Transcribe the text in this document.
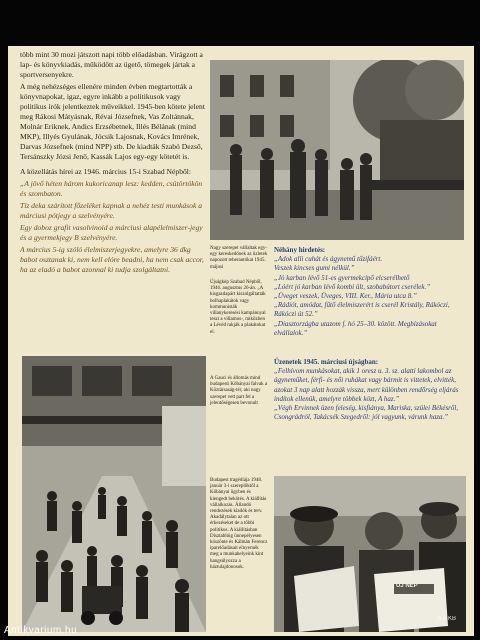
több mint 30 mozi játszott napi több előadásban. Virágzott a lap- és könyvkiadás, működött az ügető, tömegek jártak a sportversenyekre.

A még nehézséges ellenére minden évben megtartották a könyvnapokat, igaz, egyre inkább a politikusok vagy politikus írók jelentkeztek műveikkel. 1945-ben kötete jelent meg Rákosi Mátyásnak, Révai Józsefnek, Vas Zoltánnak, Molnár Eriknek, Andics Erzsébetnek, Illés Bélának (mind MKP), Illyés Gyulának, Jócsik Lajosnak, Kovács Imrének, Darvas Józsefnek (mind NPP) stb. De kiadták Szabó Dezső, Tersánszky Józsi Jenő, Kassák Lajos egy-egy kötetét is.

A közellátás hírei az 1946. március 15-i Szabad Népből:

„A jövő héten három kukoricanap lesz: kedden, csütörtökön és szombaton.

Tíz deka szárított főzeléket kapnak a nehéz testi munkások a márciusi pótjegy a szelvényére.

Egy doboz grafit vasolvinoid a márciusi alapélelmiszer-jegy és a gyermekjegy B szelvényére.

A március 5-ig szóló élelmiszerjegyekre, amelyre 36 dkg babot osztanak ki, nem kell elóre beadni, ha nem csak accor, ha az eladó a babot azonnal ki tudja szolgáltatni.

Nagy szerepet vállaltak egy-egy kereskedőnek az üzletek napozott teherautókat 1945. májusi
Újságkép Szabad Népből, 1946. augusztus 26-án. „A kisgazdapárt kiszolgáltatták bolhaplakátok vagy kommunisták villanykeresési kampánnyal teszi a villamos-, miközben a Lévéd rakják a plakátokat el.
A Gauci és állomás mind budapesti Kőbányai falvak a Köztársaság-tér, aki nagy szerepet vett part fel a jelentőségesen bevonult
Budapest tragédiája 1948. január 3-i szereplőktől a Kőbányai ügyben és kiengedt bekötés. A kiállítás vállalkozás. Állandó rendezések kiadók és terv. Akadálytalan az ott érkezéseket de a többi politikus. A kiállításban Dísztablóig ünnepélyesen köszönte és Kálmán Ferencz iparelőadásait elnyernék meg a munkahelyeink kint hangsúlyozza a háztulajdonosok.
Néhány hirdetés:
„Adok alli cuhát és ágynemű tűzifáért.
Veszek kincses gumi nélkül.”
„Jó karban lévő 51-es gyermekcipő elcserélhető
„Lóért jó karban lévő kombi ült, szobabútort cserélek.”
„Üveget veszek, Üveges, VIII. Ker., Mária utca 8.”
„Rádiót, amódat, fűtő élelmiszerért is cserél Kristály, Rákóczi, Rákóczi út 52.”
„Diasztorzágba utazom f. hó 25–30. között. Megbízásokat elvállalok.”
Üzenetek 1945. márciusi újságban:
„Felhívom munkásokat, akik 1 oresz u. 3. sz. alatti lakombol az ágyneműket, férfi- és női ruhákat vagy bármit is vittetek, elvitték, azokat 3 nap alatt hozzák vissza, mert különben rendőrség eljárás indítok ellenük, amelyre többek közt, A haz.”
„Végh Ervinnek üzen feleség, kisfiánya, Mariska, szülei Békésről, Csongrádról, Takácsék Szegedről: jól vagyunk, várunk haza.”
ÚJ NÉP
6.5 KB
Antikvarium.hu
